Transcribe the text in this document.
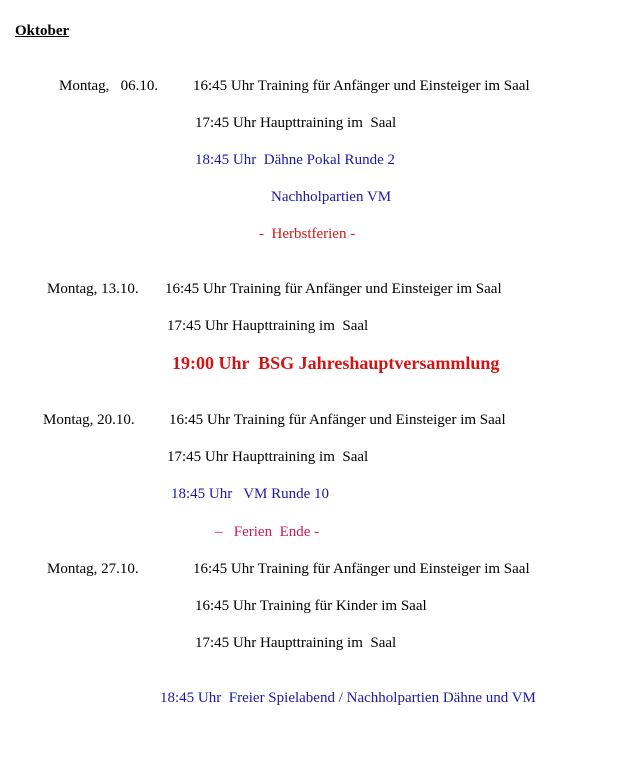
Oktober
Montag,   06.10. 16:45 Uhr Training für Anfänger und Einsteiger im Saal
17:45 Uhr Haupttraining im  Saal
18:45 Uhr  Dähne Pokal Runde 2
Nachholpartien VM
-  Herbstferien -
Montag, 13.10. 16:45 Uhr Training für Anfänger und Einsteiger im Saal
17:45 Uhr Haupttraining im  Saal
19:00 Uhr  BSG Jahreshauptversammlung
Montag, 20.10. 16:45 Uhr Training für Anfänger und Einsteiger im Saal
17:45 Uhr Haupttraining im  Saal
18:45 Uhr   VM Runde 10
–   Ferien  Ende -
Montag, 27.10.	16:45 Uhr Training für Anfänger und Einsteiger im Saal
16:45 Uhr Training für Kinder im Saal
17:45 Uhr Haupttraining im  Saal
18:45 Uhr  Freier Spielabend / Nachholpartien Dähne und VM
